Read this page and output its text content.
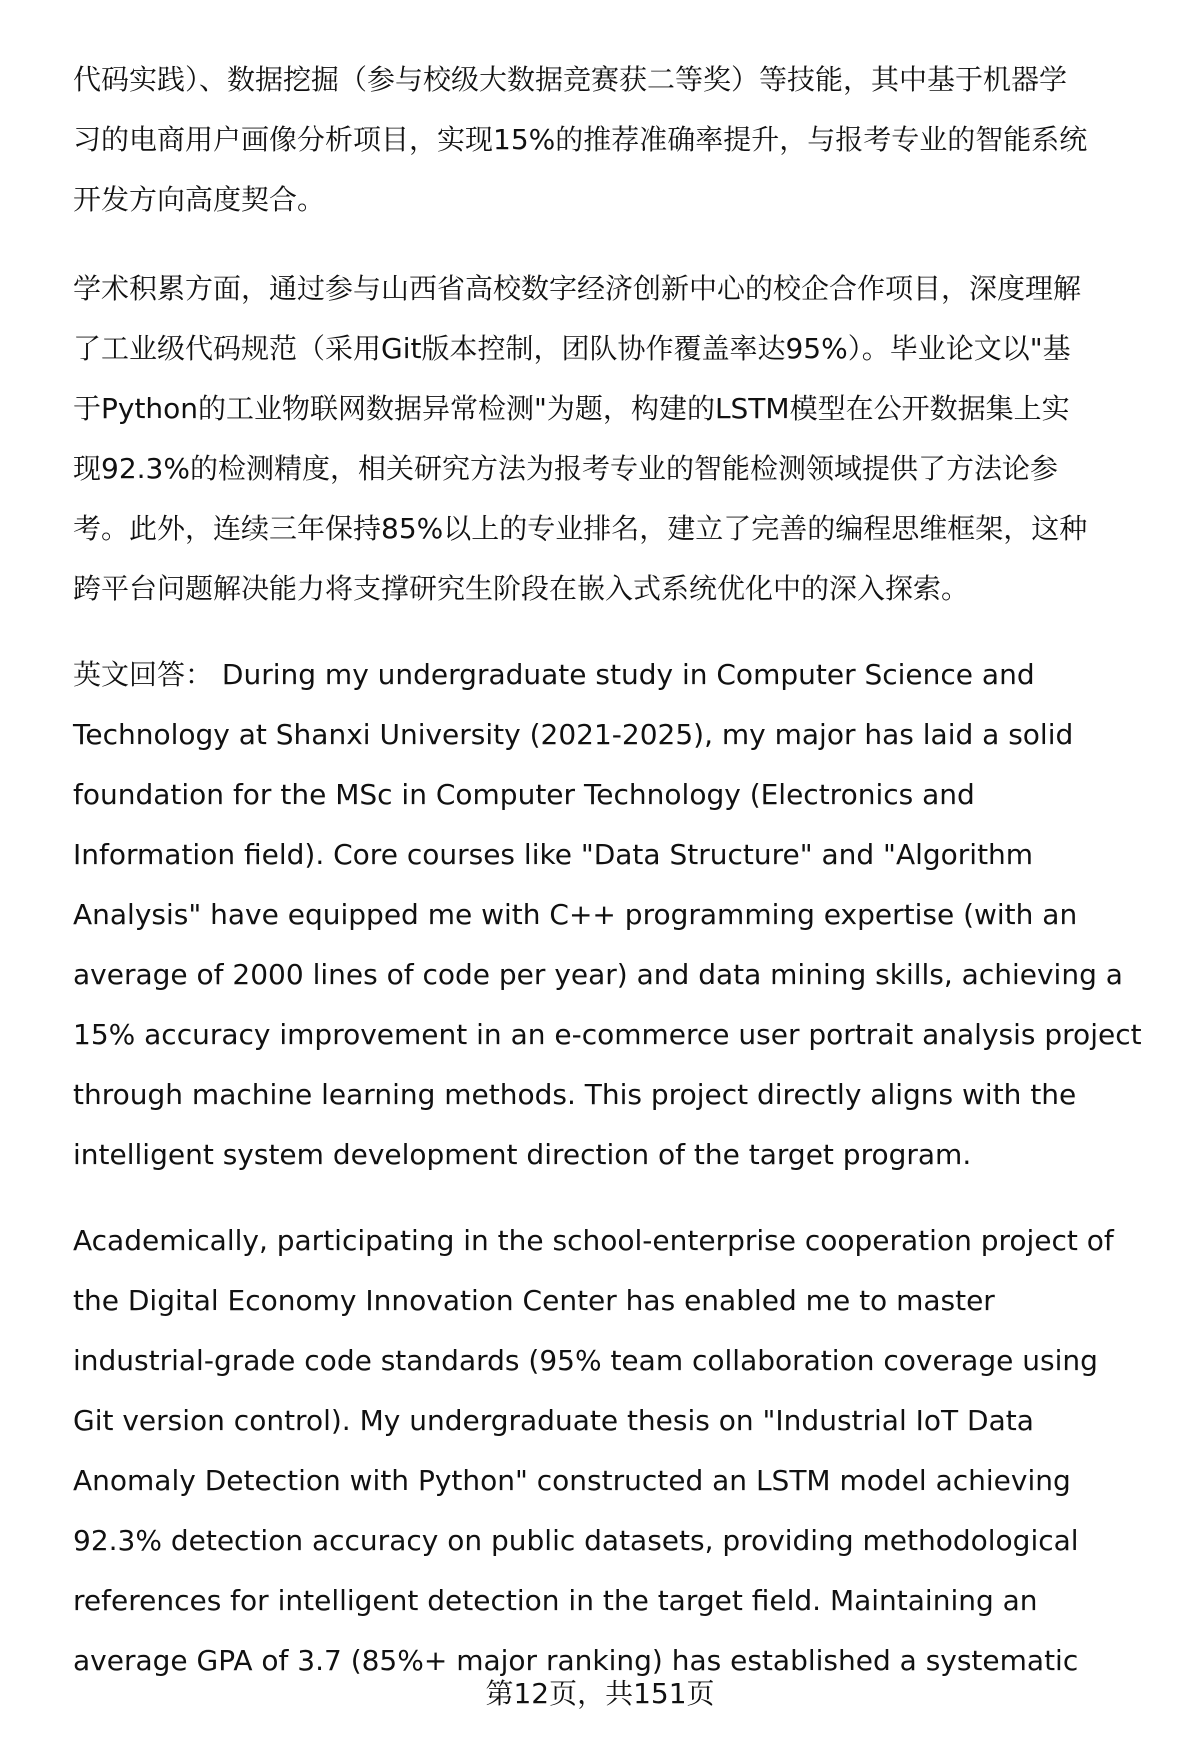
代码实践）、数据挖掘（参与校级大数据竞赛获二等奖）等技能，其中基于机器学
习的电商用户画像分析项目，实现15%的推荐准确率提升，与报考专业的智能系统
开发方向高度契合。
学术积累方面，通过参与山西省高校数字经济创新中心的校企合作项目，深度理解
了工业级代码规范（采用Git版本控制，团队协作覆盖率达95%）。毕业论文以"基
于Python的工业物联网数据异常检测"为题，构建的LSTM模型在公开数据集上实
现92.3%的检测精度，相关研究方法为报考专业的智能检测领域提供了方法论参
考。此外，连续三年保持85%以上的专业排名，建立了完善的编程思维框架，这种
跨平台问题解决能力将支撑研究生阶段在嵌入式系统优化中的深入探索。
英文回答： During my undergraduate study in Computer Science and
Technology at Shanxi University (2021-2025), my major has laid a solid
foundation for the MSc in Computer Technology (Electronics and
Information field). Core courses like "Data Structure" and "Algorithm
Analysis" have equipped me with C++ programming expertise (with an
average of 2000 lines of code per year) and data mining skills, achieving a
15% accuracy improvement in an e-commerce user portrait analysis project
through machine learning methods. This project directly aligns with the
intelligent system development direction of the target program.
Academically, participating in the school-enterprise cooperation project of
the Digital Economy Innovation Center has enabled me to master
industrial-grade code standards (95% team collaboration coverage using
Git version control). My undergraduate thesis on "Industrial IoT Data
Anomaly Detection with Python" constructed an LSTM model achieving
92.3% detection accuracy on public datasets, providing methodological
references for intelligent detection in the target field. Maintaining an
average GPA of 3.7 (85%+ major ranking) has established a systematic
第12页，共151页
